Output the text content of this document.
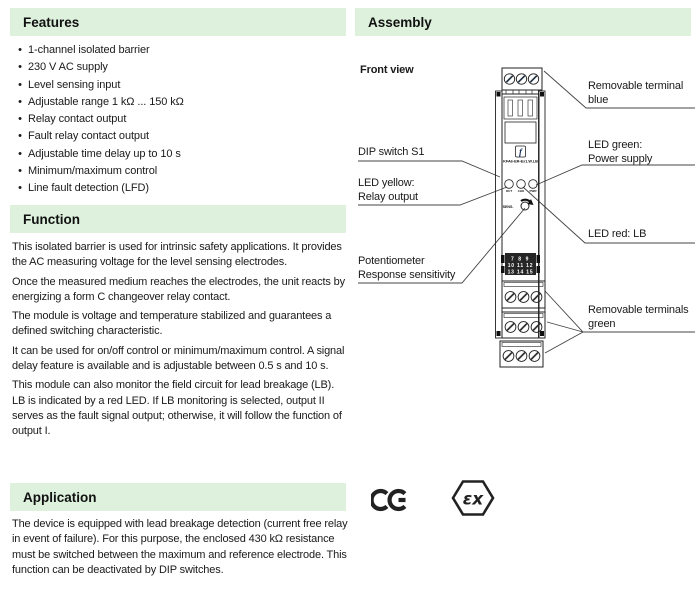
Features
• 1-channel isolated barrier
• 230 V AC supply
• Level sensing input
• Adjustable range 1 kΩ ... 150 kΩ
• Relay contact output
• Fault relay contact output
• Adjustable time delay up to 10 s
• Minimum/maximum control
• Line fault detection (LFD)
Function

This isolated barrier is used for intrinsic safety applications. It provides the AC measuring voltage for the level sensing electrodes.

Once the measured medium reaches the electrodes, the unit reacts by energizing a form C changeover relay contact.

The module is voltage and temperature stabilized and guarantees a defined switching characteristic.

It can be used for on/off control or minimum/maximum control. A signal delay feature is available and is adjustable between 0.5 s and 10 s.

This module can also monitor the field circuit for lead breakage (LB). LB is indicated by a red LED. If LB monitoring is selected, output II serves as the fault signal output; otherwise, it will follow the function of output I.

Application

The device is equipped with lead breakage detection (current free relay in event of failure). For this purpose, the enclosed 430 kΩ resistance must be switched between the maximum and reference electrode. This function can be deactivated by DIP switches.

Assembly
Front view
DIP switch S1
LED yellow:
Relay output
Potentiometer
Response sensitivity
Removable terminal
blue
LED green:
Power supply
LED red: LB
Removable terminals
green
1 2 3
4 5 6
f
KFA6-ER-Ex1.W.LB
OUT CHK PWR
SENS.
7 8 9
10 11 12
13 14 15
εx
